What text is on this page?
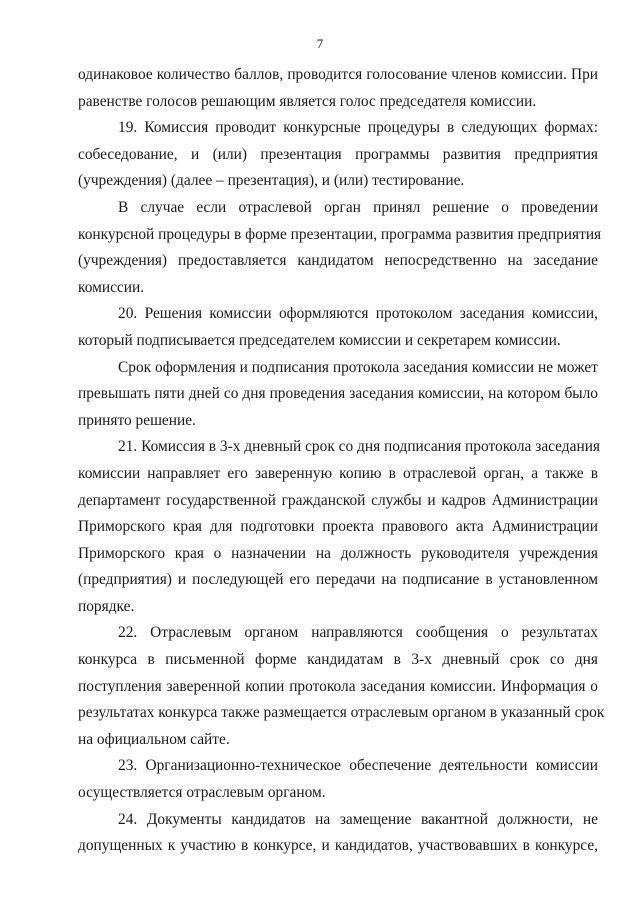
7
одинаковое количество баллов, проводится голосование членов комиссии. При
равенстве голосов решающим является голос председателя комиссии.
19. Комиссия проводит конкурсные процедуры в следующих формах:
собеседование, и (или) презентация программы развития предприятия
(учреждения) (далее – презентация), и (или) тестирование.
В случае если отраслевой орган принял решение о проведении
конкурсной процедуры в форме презентации, программа развития предприятия
(учреждения) предоставляется кандидатом непосредственно на заседание
комиссии.
20. Решения комиссии оформляются протоколом заседания комиссии,
который подписывается председателем комиссии и секретарем комиссии.
Срок оформления и подписания протокола заседания комиссии не может
превышать пяти дней со дня проведения заседания комиссии, на котором было
принято решение.
21. Комиссия в 3-х дневный срок со дня подписания протокола заседания
комиссии направляет его заверенную копию в отраслевой орган, а также в
департамент государственной гражданской службы и кадров Администрации
Приморского края для подготовки проекта правового акта Администрации
Приморского края о назначении на должность руководителя учреждения
(предприятия) и последующей его передачи на подписание в установленном
порядке.
22. Отраслевым органом направляются сообщения о результатах
конкурса в письменной форме кандидатам в 3-х дневный срок со дня
поступления заверенной копии протокола заседания комиссии. Информация о
результатах конкурса также размещается отраслевым органом в указанный срок
на официальном сайте.
23. Организационно-техническое обеспечение деятельности комиссии
осуществляется отраслевым органом.
24. Документы кандидатов на замещение вакантной должности, не
допущенных к участию в конкурсе, и кандидатов, участвовавших в конкурсе,
